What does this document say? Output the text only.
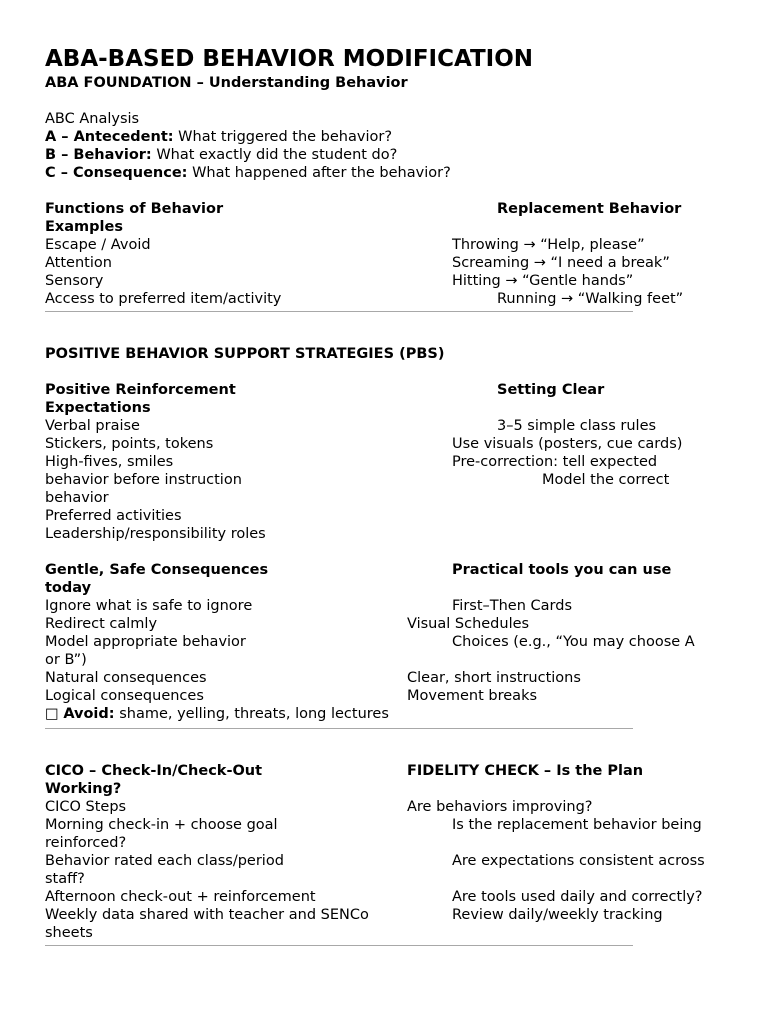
ABA-BASED BEHAVIOR MODIFICATION
ABA FOUNDATION – Understanding Behavior
ABC Analysis
A – Antecedent: What triggered the behavior?
B – Behavior: What exactly did the student do?
C – Consequence: What happened after the behavior?
Functions of Behavior	Replacement Behavior
Examples
Escape / Avoid	Throwing → “Help, please”
Attention	Screaming → “I need a break”
Sensory	Hitting → “Gentle hands”
Access to preferred item/activity	Running → “Walking feet”
POSITIVE BEHAVIOR SUPPORT STRATEGIES (PBS)
Positive Reinforcement	Setting Clear
Expectations
Verbal praise	3–5 simple class rules
Stickers, points, tokens	Use visuals (posters, cue cards)
High-fives, smiles	Pre-correction: tell expected
behavior before instruction	Model the correct
behavior
Preferred activities
Leadership/responsibility roles
Gentle, Safe Consequences	Practical tools you can use
today
Ignore what is safe to ignore	First–Then Cards
Redirect calmly	Visual Schedules
Model appropriate behavior	Choices (e.g., “You may choose A
or B”)
Natural consequences	Clear, short instructions
Logical consequences	Movement breaks
□ Avoid: shame, yelling, threats, long lectures
CICO – Check-In/Check-Out	FIDELITY CHECK – Is the Plan
Working?
CICO Steps	Are behaviors improving?
Morning check-in + choose goal	Is the replacement behavior being
reinforced?
Behavior rated each class/period	Are expectations consistent across
staff?
Afternoon check-out + reinforcement	Are tools used daily and correctly?
Weekly data shared with teacher and SENCo	Review daily/weekly tracking
sheets
